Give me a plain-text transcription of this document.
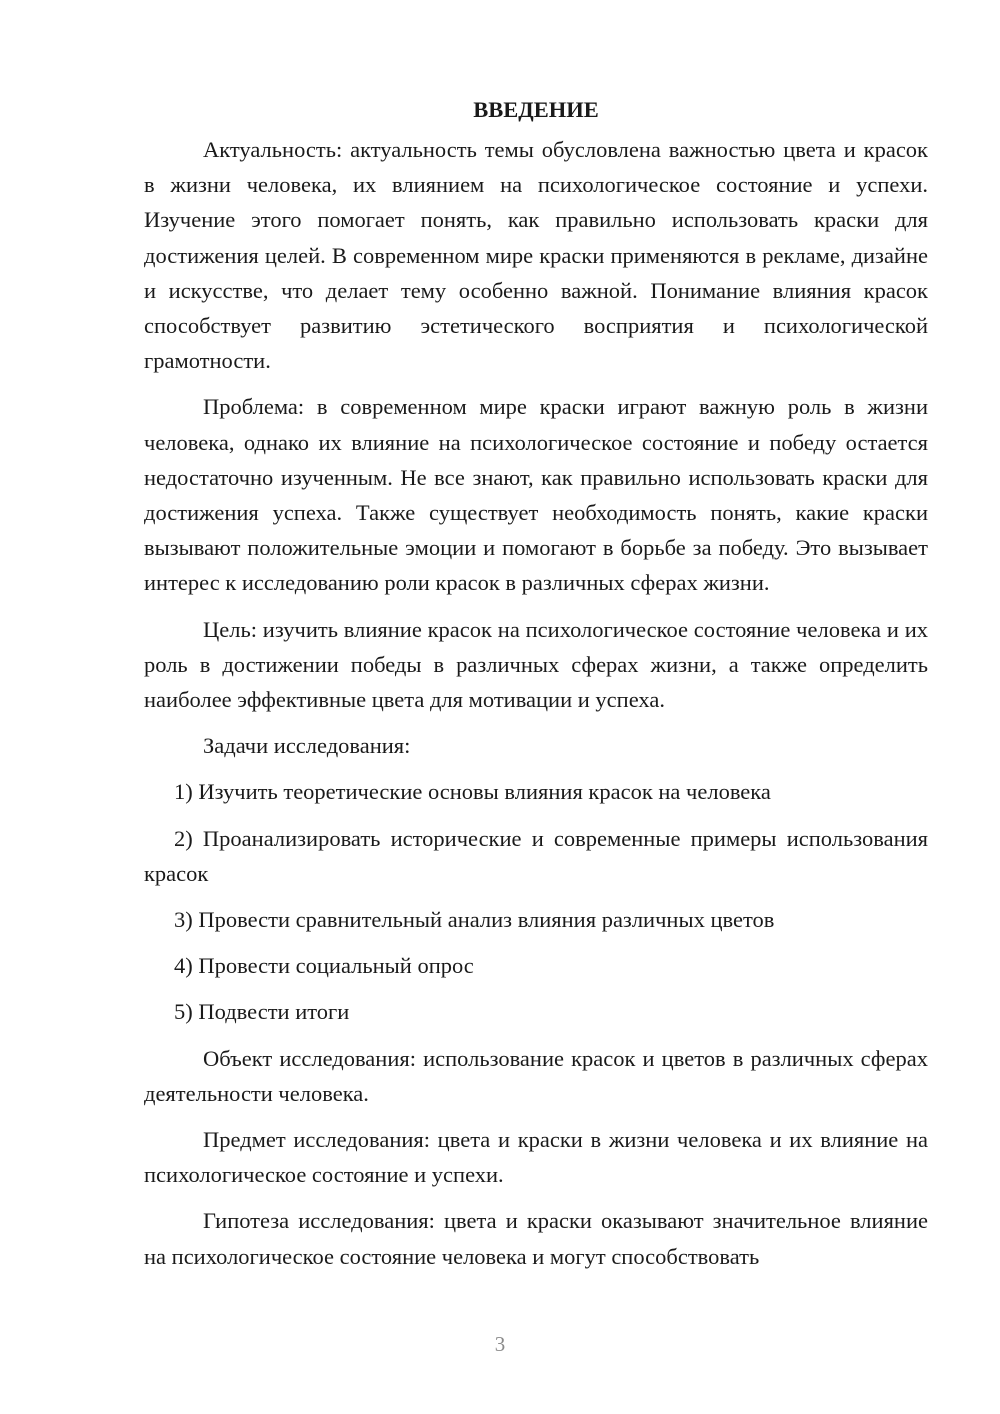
ВВЕДЕНИЕ

Актуальность: актуальность темы обусловлена важностью цвета и красок в жизни человека, их влиянием на психологическое состояние и успехи. Изучение этого помогает понять, как правильно использовать краски для достижения целей. В современном мире краски применяются в рекламе, дизайне и искусстве, что делает тему особенно важной. Понимание влияния красок способствует развитию эстетического восприятия и психологической грамотности.

Проблема: в современном мире краски играют важную роль в жизни человека, однако их влияние на психологическое состояние и победу остается недостаточно изученным. Не все знают, как правильно использовать краски для достижения успеха. Также существует необходимость понять, какие краски вызывают положительные эмоции и помогают в борьбе за победу. Это вызывает интерес к исследованию роли красок в различных сферах жизни.

Цель: изучить влияние красок на психологическое состояние человека и их роль в достижении победы в различных сферах жизни, а также определить наиболее эффективные цвета для мотивации и успеха.

Задачи исследования:

1) Изучить теоретические основы влияния красок на человека

2) Проанализировать исторические и современные примеры использования красок

3) Провести сравнительный анализ влияния различных цветов

4) Провести социальный опрос

5) Подвести итоги

Объект исследования: использование красок и цветов в различных сферах деятельности человека.

Предмет исследования: цвета и краски в жизни человека и их влияние на психологическое состояние и успехи.

Гипотеза исследования: цвета и краски оказывают значительное влияние на психологическое состояние человека и могут способствовать

3
